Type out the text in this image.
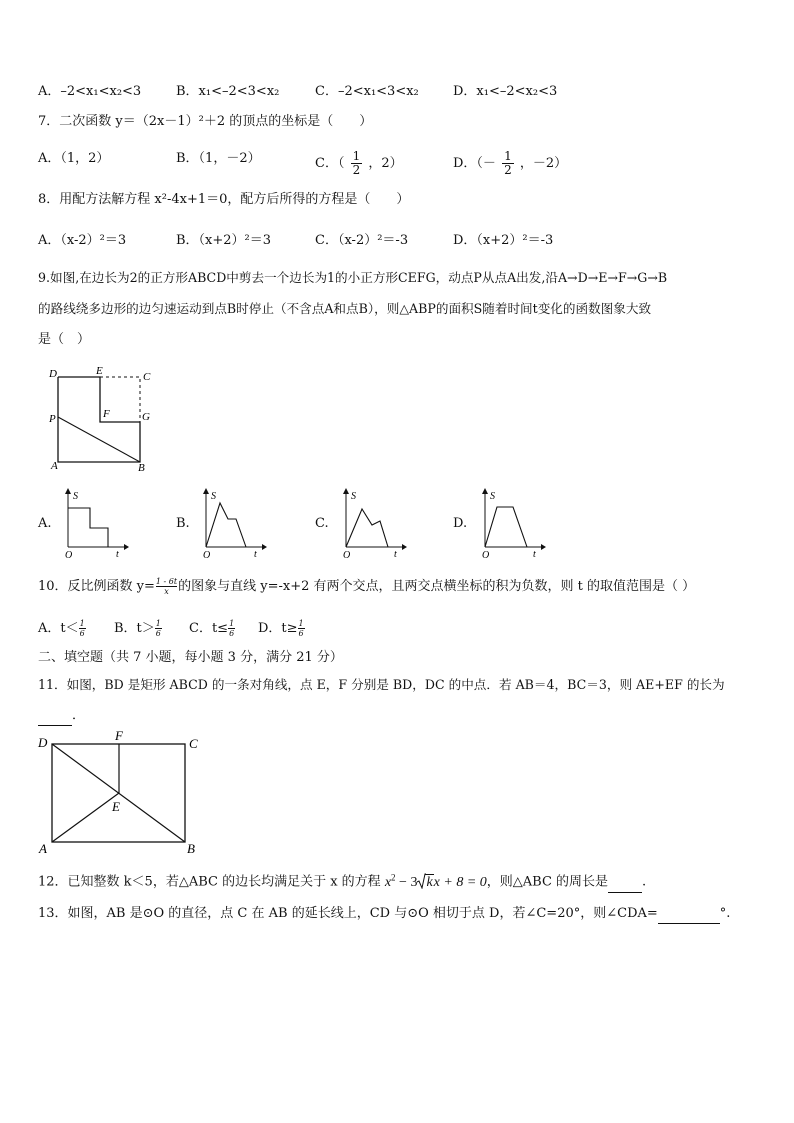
A．–2<x₁<x₂<3	B．x₁<–2<3<x₂	C．–2<x₁<3<x₂	D．x₁<–2<x₂<3
7．二次函数 y＝（2x－1）²＋2 的顶点的坐标是（　　）
A．（1，2）	B．（1，－2）	C．（ $\frac{1}{2}$ ，2）	D．（－ $\frac{1}{2}$ ，－2）
8．用配方法解方程 x²-4x+1＝0，配方后所得的方程是（　　）
A．（x-2）²＝3	B．（x+2）²＝3	C．（x-2）²＝-3	D．（x+2）²＝-3
9.如图,在边长为2的正方形ABCD中剪去一个边长为1的小正方形CEFG，动点P从点A出发,沿A→D→E→F→G→B
的路线绕多边形的边匀速运动到点B时停止（不含点A和点B），则△ABP的面积S随着时间t变化的函数图象大致
是（　）
D	E	C
P	F	G
A	B
A.
S
O	t
B.
S
O	t
C.
S
O	t
D.
S
O	t
10．反比例函数 $y= \frac{1 - 6t}{x}$ 的图象与直线 y=-x+2 有两个交点，且两交点横坐标的积为负数，则 t 的取值范围是（ ）
A．$t< \frac{1}{6}$ B．$t> \frac{1}{6}$ C．$t\le \frac{1}{6}$ D．$t\ge \frac{1}{6}$
二、填空题（共 7 小题，每小题 3 分，满分 21 分）
11．如图，BD 是矩形 ABCD 的一条对角线，点 E，F 分别是 BD，DC 的中点．若 AB＝4，BC＝3，则 AE+EF 的长为
．
D	F
C
E
A	B
12．已知整数 k＜5，若△ABC 的边长均满足关于 x 的方程 $x^2 - 3$ kx + 8 = 0，则△ABC 的周长是	.
13．如图，AB 是⊙O 的直径，点 C 在 AB 的延长线上，CD 与⊙O 相切于点 D，若∠C=20°，则∠CDA=	°.
